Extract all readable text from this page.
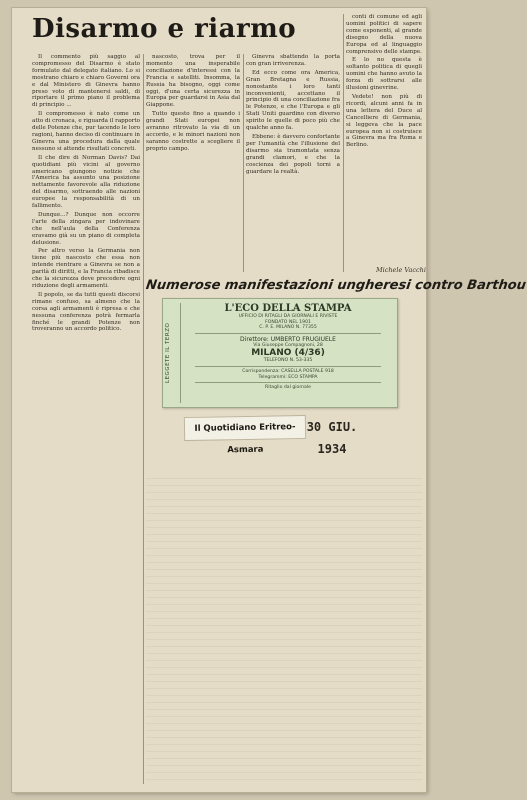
Disarmo e riarmo

Il commento più saggio al compromesso del Disarmo è stato formulato dal delegato italiano. Lo si mostrano chiaro e chiaro Governi ora e dal Ministero di Ginevra hanno preso voto di mantenersi saldi, di riportare il primo piano il problema di principio ...

Il compromesso è nato come un atto di cronaca, e riguarda il rapporto delle Potenze che, pur tacendo le loro ragioni, hanno deciso di continuare in Ginevra una procedura dalla quale nessuno si attende risultati concreti.

Il che dire di Norman Davis? Dai quotidiani più vicini al governo americano giungono notizie che l'America ha assunto una posizione nettamente favorevole alla riduzione del disarmo, sottraendo alle nazioni europee la responsabilità di un fallimento.

Dunque...? Dunque non occorre l'arte della zingara per indovinare che nell'aula della Conferenza eravamo già su un piano di completa delusione.

Per altro verso la Germania non tiene più nascosto che essa non intende rientrare a Ginevra se non a parità di diritti, e la Francia ribadisce che la sicurezza deve precedere ogni riduzione degli armamenti.

Il popolo, se da tutti questi discorsi rimane confuso, sa almeno che la corsa agli armamenti è ripresa e che nessuna conferenza potrà fermarla finché le grandi Potenze non troveranno un accordo politico.

nascosto, trova per il momento una insperabile conciliazione d'interessi con la Francia e satelliti. Insomma, la Russia ha bisogno, oggi come oggi, d'una certa sicurezza in Europa per guardarsi in Asia dal Giappone.

Tutto questo fino a quando i grandi Stati europei non avranno ritrovato la via di un accordo, e le minori nazioni non saranno costrette a scegliere il proprio campo.

Ginevra sbattendo la porta con gran irriverenza.

Ed ecco come ora America, Gran Bretagna e Russia, nonostante i loro tanti inconvenienti, accettano il principio di una conciliazione fra le Potenze, e che l'Europa e gli Stati Uniti guardino con diverso spirito le quelle di poco più che qualche anno fa.

Ebbene: è davvero confortante per l'umanità che l'illusione del disarmo sia tramontata senza grandi clamori, e che la coscienza dei popoli torni a guardare la realtà.

conti di comune ed agli uomini politici di sapere come esponenti, al grande disegno della nuova Europa ed al linguaggio comprensivo delle stampe.

E lo no questa è soltanto politica di quegli uomini che hanno avuto la forza di sottrarsi alle illusioni ginevrine.

Vedete! non più di ricordi, alcuni anni fa in una lettera del Duce al Cancelliere di Germania, si leggeva che la pace europea non si costruisce a Ginevra ma fra Roma e Berlino.

Michele Vacchi
Numerose manifestazioni ungheresi contro Barthou
LEGGETE IL TERZO
L'ECO DELLA STAMPA
UFFICIO DI RITAGLI DA GIORNALI E RIVISTE
FONDATO NEL 1901
C. P. E. MILANO N. 77355
Direttore: UMBERTO FRUGIUELE
Via Giuseppe Compagnoni, 28
MILANO (4/36)
TELEFONO N. 53-335
Corrispondenza: CASELLA POSTALE 918
Telegrammi: ECO STAMPA
Ritaglio dal giornale
Il Quotidiano Eritreo-Asmara
30 GIU. 1934
